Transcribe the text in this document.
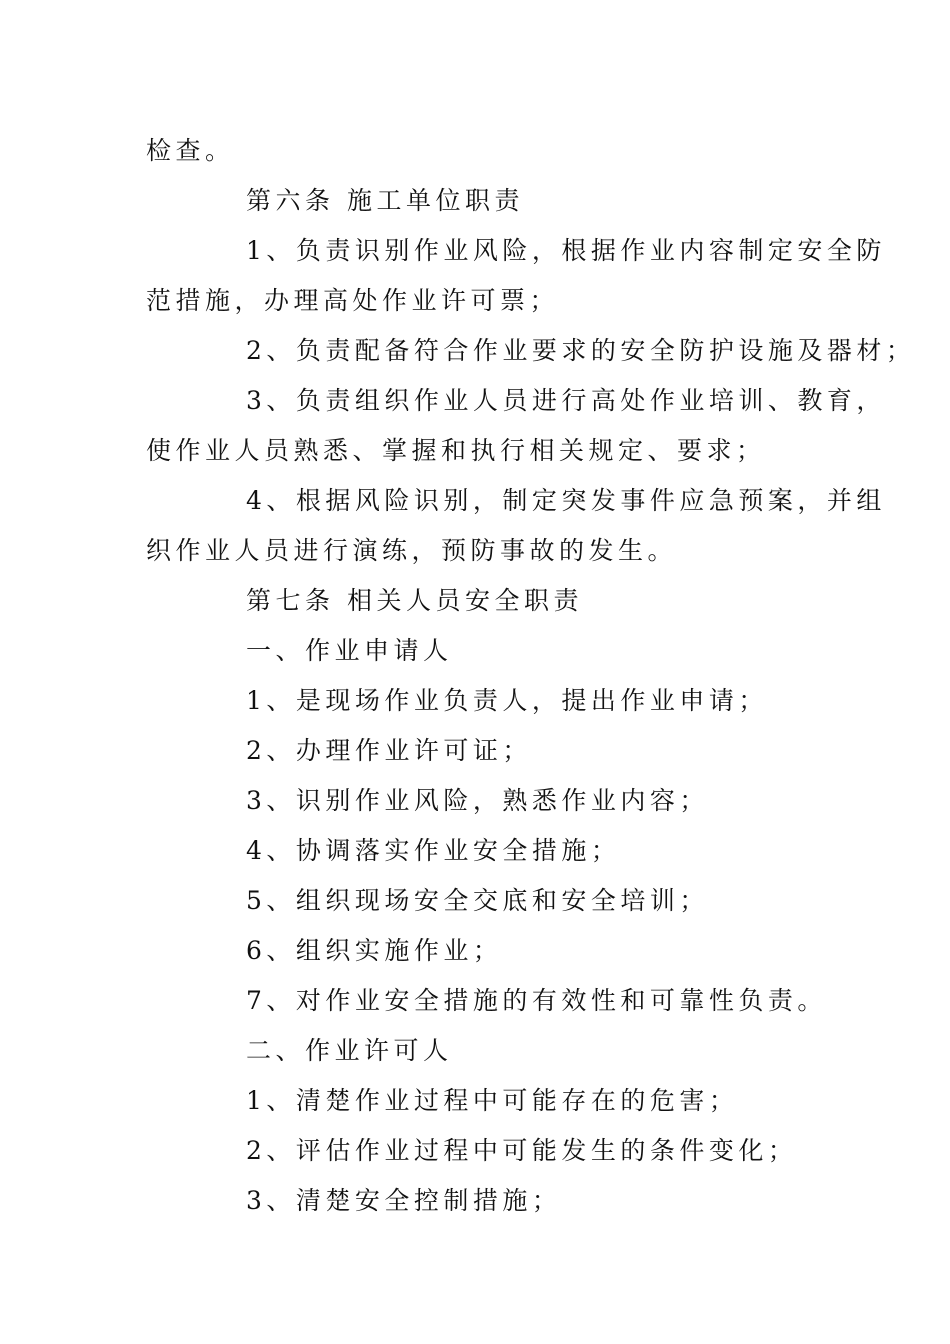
检查。
第六条 施工单位职责
1、负责识别作业风险，根据作业内容制定安全防
范措施，办理高处作业许可票；
2、负责配备符合作业要求的安全防护设施及器材；
3、负责组织作业人员进行高处作业培训、教育，
使作业人员熟悉、掌握和执行相关规定、要求；
4、根据风险识别，制定突发事件应急预案，并组
织作业人员进行演练，预防事故的发生。
第七条 相关人员安全职责
一、作业申请人
1、是现场作业负责人，提出作业申请；
2、办理作业许可证；
3、识别作业风险，熟悉作业内容；
4、协调落实作业安全措施；
5、组织现场安全交底和安全培训；
6、组织实施作业；
7、对作业安全措施的有效性和可靠性负责。
二、作业许可人
1、清楚作业过程中可能存在的危害；
2、评估作业过程中可能发生的条件变化；
3、清楚安全控制措施；
